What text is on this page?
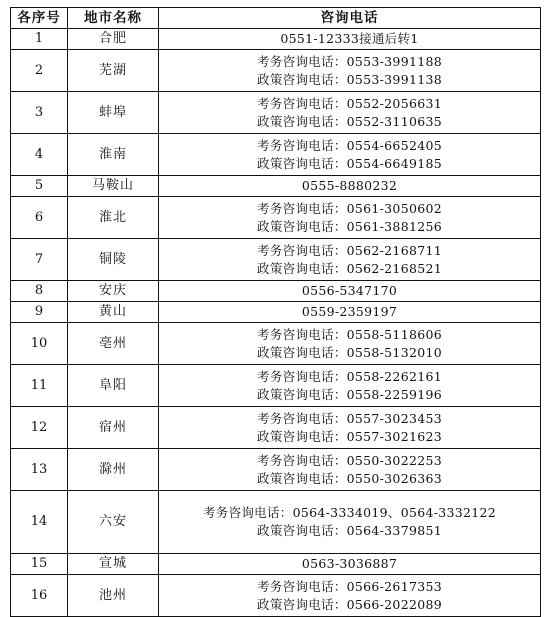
各序号	地市名称	咨询电话
1	合肥	0551-12333接通后转1

2	芜湖	考务咨询电话：0553-3991188
政策咨询电话：0553-3991138

3	蚌埠	考务咨询电话：0552-2056631
政策咨询电话：0552-3110635

4	淮南	考务咨询电话：0554-6652405
政策咨询电话：0554-6649185

5	马鞍山	0555-8880232

6	淮北	考务咨询电话：0561-3050602
政策咨询电话：0561-3881256

7	铜陵	考务咨询电话：0562-2168711
政策咨询电话：0562-2168521

8	安庆	0556-5347170

9	黄山	0559-2359197

10	亳州	考务咨询电话：0558-5118606
政策咨询电话：0558-5132010

11	阜阳	考务咨询电话：0558-2262161
政策咨询电话：0558-2259196

12	宿州	考务咨询电话：0557-3023453
政策咨询电话：0557-3021623

13	滁州	考务咨询电话：0550-3022253
政策咨询电话：0550-3026363

14	六安	考务咨询电话：0564-3334019、0564-3332122
政策咨询电话：0564-3379851

15	宣城	0563-3036887

16	池州	考务咨询电话：0566-2617353
政策咨询电话：0566-2022089
